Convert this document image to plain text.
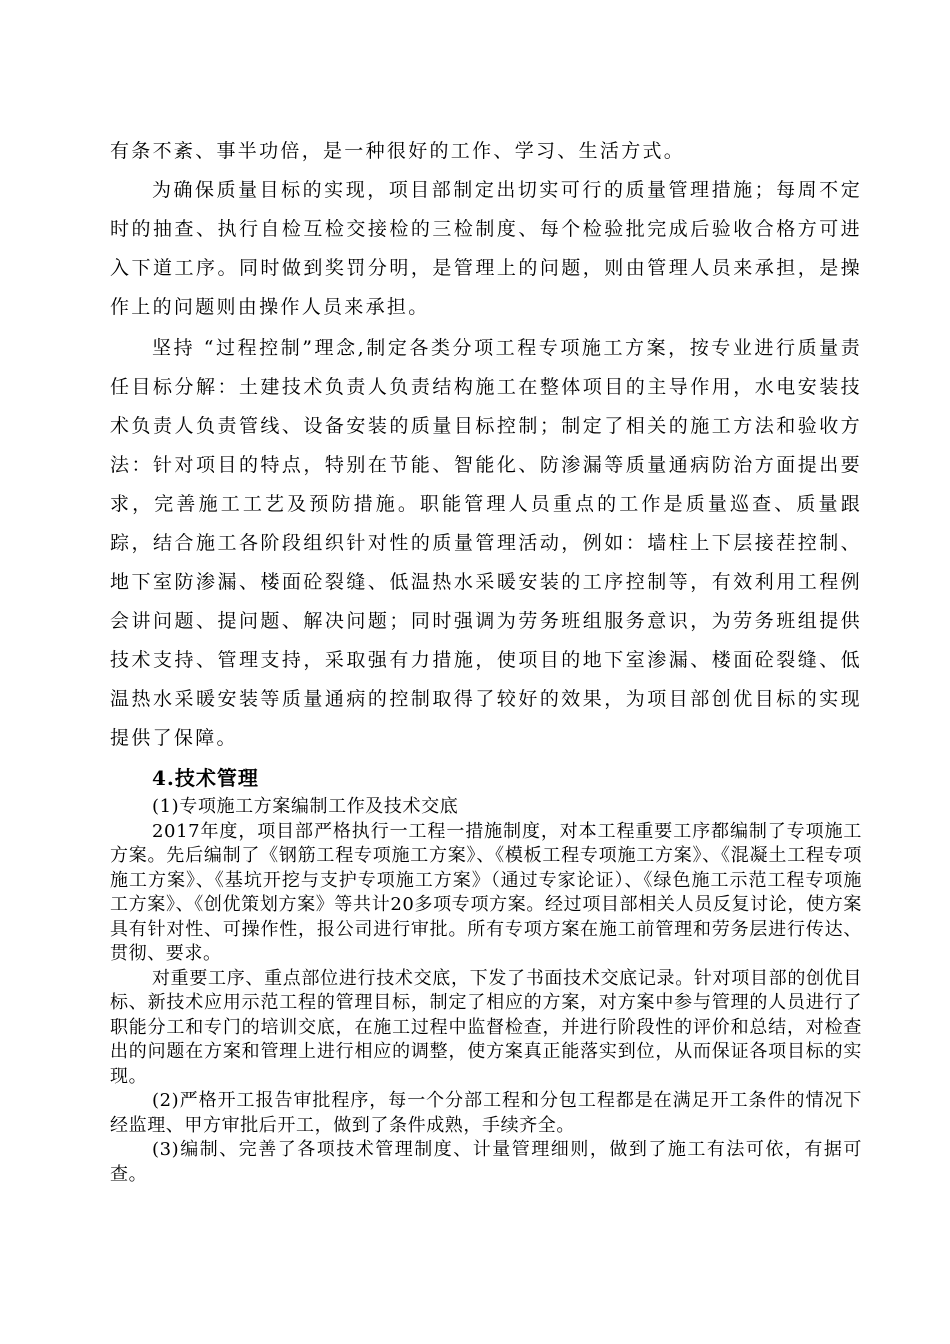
有条不紊、事半功倍，是一种很好的工作、学习、生活方式。

为确保质量目标的实现，项目部制定出切实可行的质量管理措施；每周不定时的抽查、执行自检互检交接检的三检制度、每个检验批完成后验收合格方可进入下道工序。同时做到奖罚分明，是管理上的问题，则由管理人员来承担，是操作上的问题则由操作人员来承担。

坚持 “过程控制”理念,制定各类分项工程专项施工方案，按专业进行质量责任目标分解：土建技术负责人负责结构施工在整体项目的主导作用，水电安装技术负责人负责管线、设备安装的质量目标控制；制定了相关的施工方法和验收方法：针对项目的特点，特别在节能、智能化、防渗漏等质量通病防治方面提出要求，完善施工工艺及预防措施。职能管理人员重点的工作是质量巡查、质量跟踪，结合施工各阶段组织针对性的质量管理活动，例如：墙柱上下层接茬控制、地下室防渗漏、楼面砼裂缝、低温热水采暖安装的工序控制等，有效利用工程例会讲问题、提问题、解决问题；同时强调为劳务班组服务意识，为劳务班组提供技术支持、管理支持，采取强有力措施，使项目的地下室渗漏、楼面砼裂缝、低温热水采暖安装等质量通病的控制取得了较好的效果，为项目部创优目标的实现提供了保障。

4.技术管理

(1)专项施工方案编制工作及技术交底

2017年度，项目部严格执行一工程一措施制度，对本工程重要工序都编制了专项施工方案。先后编制了《钢筋工程专项施工方案》、《模板工程专项施工方案》、《混凝土工程专项施工方案》、《基坑开挖与支护专项施工方案》（通过专家论证）、《绿色施工示范工程专项施工方案》、《创优策划方案》等共计20多项专项方案。经过项目部相关人员反复讨论，使方案具有针对性、可操作性，报公司进行审批。所有专项方案在施工前管理和劳务层进行传达、贯彻、要求。

对重要工序、重点部位进行技术交底，下发了书面技术交底记录。针对项目部的创优目标、新技术应用示范工程的管理目标，制定了相应的方案，对方案中参与管理的人员进行了职能分工和专门的培训交底，在施工过程中监督检查，并进行阶段性的评价和总结，对检查出的问题在方案和管理上进行相应的调整，使方案真正能落实到位，从而保证各项目标的实现。

(2)严格开工报告审批程序，每一个分部工程和分包工程都是在满足开工条件的情况下经监理、甲方审批后开工，做到了条件成熟，手续齐全。

(3)编制、完善了各项技术管理制度、计量管理细则，做到了施工有法可依，有据可查。
